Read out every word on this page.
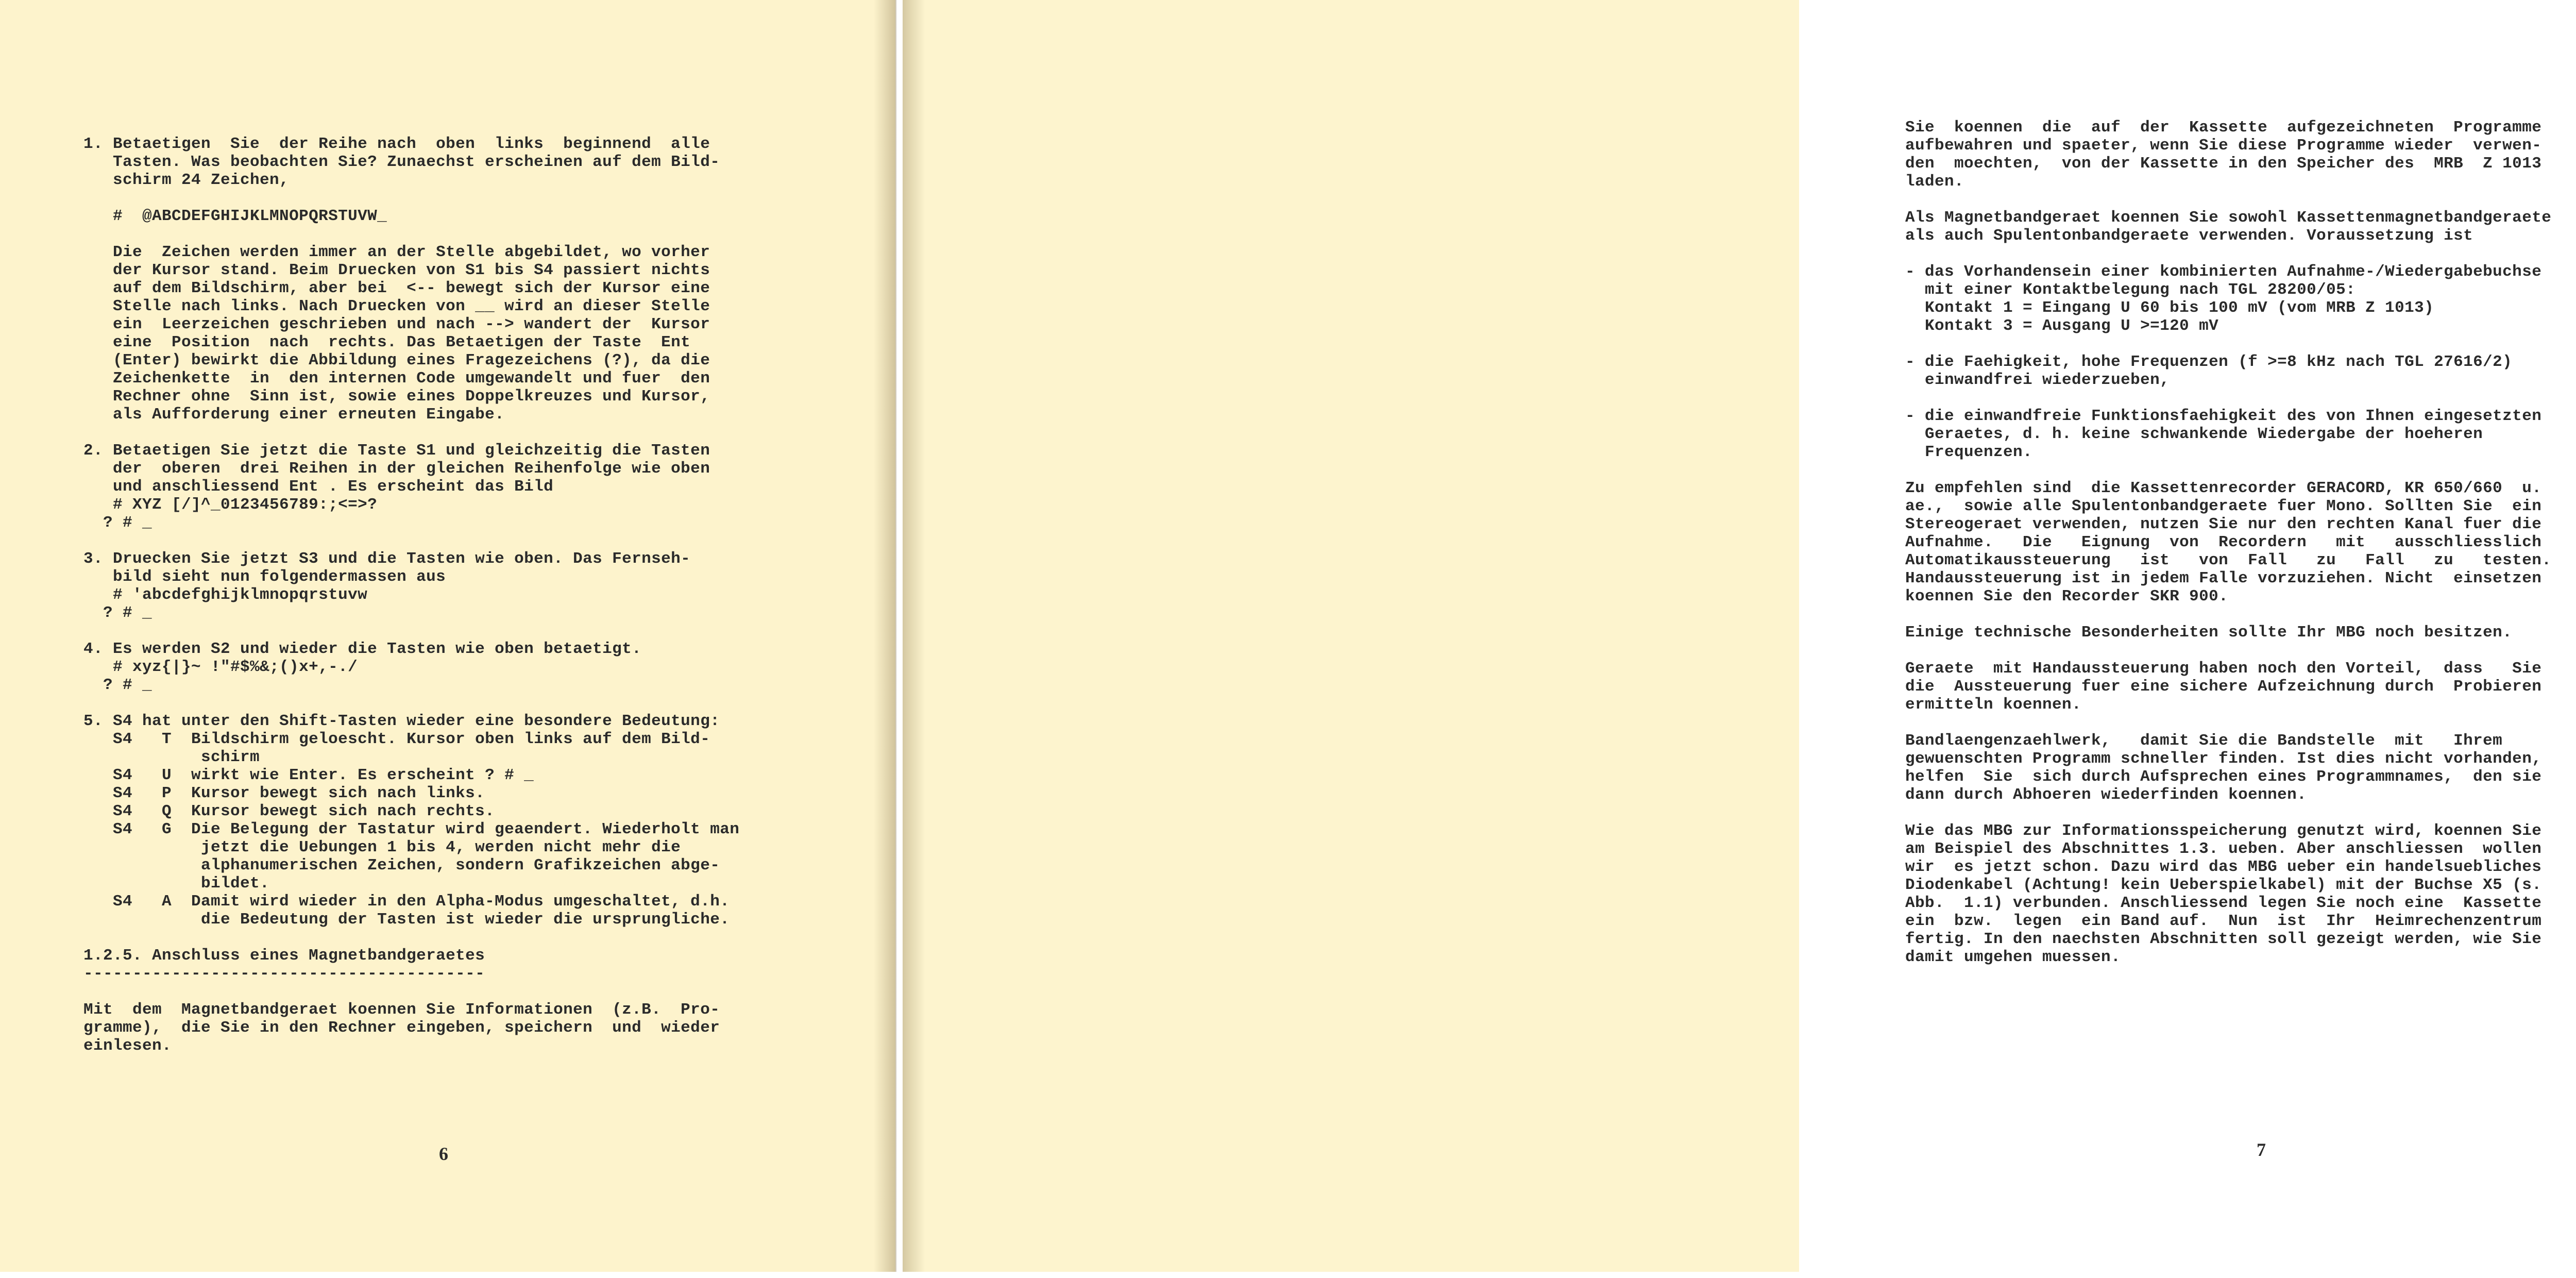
1. Betaetigen  Sie  der Reihe nach  oben  links  beginnend  alle
Tasten. Was beobachten Sie? Zunaechst erscheinen auf dem Bild-
schirm 24 Zeichen,
#  @ABCDEFGHIJKLMNOPQRSTUVW_
Die  Zeichen werden immer an der Stelle abgebildet, wo vorher
der Kursor stand. Beim Druecken von S1 bis S4 passiert nichts
auf dem Bildschirm, aber bei  <-- bewegt sich der Kursor eine
Stelle nach links. Nach Druecken von __ wird an dieser Stelle
ein  Leerzeichen geschrieben und nach --> wandert der  Kursor
eine  Position  nach  rechts. Das Betaetigen der Taste  Ent
(Enter) bewirkt die Abbildung eines Fragezeichens (?), da die
Zeichenkette  in  den internen Code umgewandelt und fuer  den
Rechner ohne  Sinn ist, sowie eines Doppelkreuzes und Kursor,
als Aufforderung einer erneuten Eingabe.
2. Betaetigen Sie jetzt die Taste S1 und gleichzeitig die Tasten
der  oberen  drei Reihen in der gleichen Reihenfolge wie oben
und anschliessend Ent . Es erscheint das Bild
# XYZ [/]^_0123456789:;<=>?
? # _
3. Druecken Sie jetzt S3 und die Tasten wie oben. Das Fernseh-
bild sieht nun folgendermassen aus
# 'abcdefghijklmnopqrstuvw
? # _
4. Es werden S2 und wieder die Tasten wie oben betaetigt.
# xyz{|}~ !"#$%&;()x+,-./
? # _
5. S4 hat unter den Shift-Tasten wieder eine besondere Bedeutung:
S4   T  Bildschirm geloescht. Kursor oben links auf dem Bild-
schirm
S4   U  wirkt wie Enter. Es erscheint ? # _
S4   P  Kursor bewegt sich nach links.
S4   Q  Kursor bewegt sich nach rechts.
S4   G  Die Belegung der Tastatur wird geaendert. Wiederholt man
jetzt die Uebungen 1 bis 4, werden nicht mehr die
alphanumerischen Zeichen, sondern Grafikzeichen abge-
bildet.
S4   A  Damit wird wieder in den Alpha-Modus umgeschaltet, d.h.
die Bedeutung der Tasten ist wieder die ursprungliche.
1.2.5. Anschluss eines Magnetbandgeraetes
-----------------------------------------
Mit  dem  Magnetbandgeraet koennen Sie Informationen  (z.B.  Pro-
gramme),  die Sie in den Rechner eingeben, speichern  und  wieder
einlesen.
6
Sie  koennen  die  auf  der  Kassette  aufgezeichneten  Programme
aufbewahren und spaeter, wenn Sie diese Programme wieder  verwen-
den  moechten,  von der Kassette in den Speicher des  MRB  Z 1013
laden.
Als Magnetbandgeraet koennen Sie sowohl Kassettenmagnetbandgeraete
als auch Spulentonbandgeraete verwenden. Voraussetzung ist
- das Vorhandensein einer kombinierten Aufnahme-/Wiedergabebuchse
mit einer Kontaktbelegung nach TGL 28200/05:
Kontakt 1 = Eingang U 60 bis 100 mV (vom MRB Z 1013)
Kontakt 3 = Ausgang U >=120 mV
- die Faehigkeit, hohe Frequenzen (f >=8 kHz nach TGL 27616/2)
einwandfrei wiederzueben,
- die einwandfreie Funktionsfaehigkeit des von Ihnen eingesetzten
Geraetes, d. h. keine schwankende Wiedergabe der hoeheren
Frequenzen.
Zu empfehlen sind  die Kassettenrecorder GERACORD, KR 650/660  u.
ae.,  sowie alle Spulentonbandgeraete fuer Mono. Sollten Sie  ein
Stereogeraet verwenden, nutzen Sie nur den rechten Kanal fuer die
Aufnahme.   Die   Eignung  von  Recordern   mit   ausschliesslich
Automatikaussteuerung   ist   von  Fall   zu   Fall   zu   testen.
Handaussteuerung ist in jedem Falle vorzuziehen. Nicht  einsetzen
koennen Sie den Recorder SKR 900.
Einige technische Besonderheiten sollte Ihr MBG noch besitzen.
Geraete  mit Handaussteuerung haben noch den Vorteil,  dass   Sie
die  Aussteuerung fuer eine sichere Aufzeichnung durch  Probieren
ermitteln koennen.
Bandlaengenzaehlwerk,   damit Sie die Bandstelle  mit   Ihrem
gewuenschten Programm schneller finden. Ist dies nicht vorhanden,
helfen  Sie  sich durch Aufsprechen eines Programmnames,  den sie
dann durch Abhoeren wiederfinden koennen.
Wie das MBG zur Informationsspeicherung genutzt wird, koennen Sie
am Beispiel des Abschnittes 1.3. ueben. Aber anschliessen  wollen
wir  es jetzt schon. Dazu wird das MBG ueber ein handelsuebliches
Diodenkabel (Achtung! kein Ueberspielkabel) mit der Buchse X5 (s.
Abb.  1.1) verbunden. Anschliessend legen Sie noch eine  Kassette
ein  bzw.  legen  ein Band auf.  Nun  ist  Ihr  Heimrechenzentrum
fertig. In den naechsten Abschnitten soll gezeigt werden, wie Sie
damit umgehen muessen.
7
